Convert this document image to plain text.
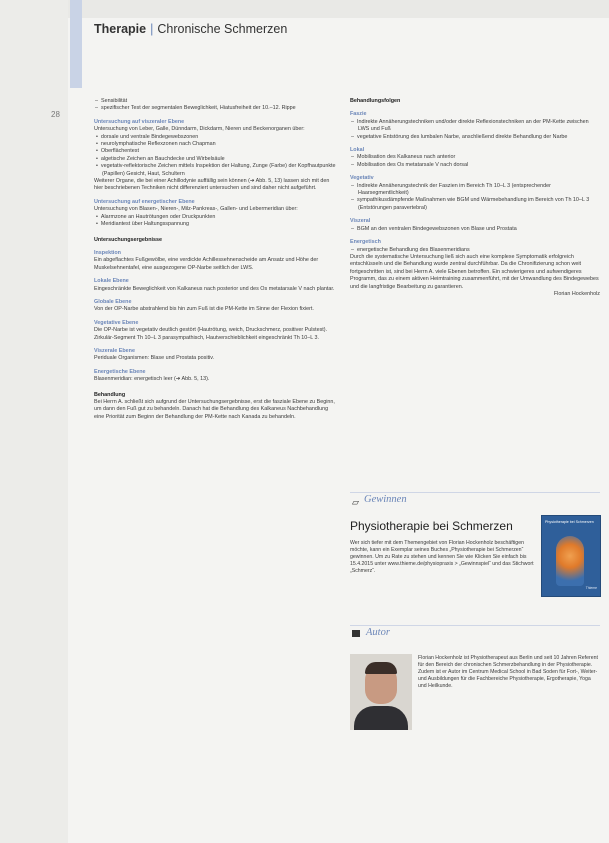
Therapie | Chronische Schmerzen
28
– Sensibilität
– spezifischer Test der segmentalen Beweglichkeit, Hiatusfreiheit der 10.–12. Rippe
Untersuchung auf viszeraler Ebene

Untersuchung von Leber, Galle, Dünndarm, Dickdarm, Nieren und Beckenorganen über:

• dorsale und ventrale Bindegewebszonen
• neurolymphatische Reflexzonen nach Chapman
• Oberflächentest
• algetische Zeichen an Bauchdecke und Wirbelsäule
• vegetativ-reflektorische Zeichen mittels Inspektion der Haltung, Zunge (Farbe) der Kopfhautpunkte (Papillen) Gesicht, Haut, Schultern

Weiterer Organe, die bei einer Achillodynie auffällig sein können (➔ Abb. 5, 13) lassen sich mit den hier beschriebenen Techniken nicht differenziert untersuchen und sind daher nicht aufgeführt.

Untersuchung auf energetischer Ebene

Untersuchung von Blasen-, Nieren-, Milz-Pankreas-, Gallen- und Lebermeridian über:

• Alarmzone an Hautrötungen oder Druckpunkten
• Meridiantest über Haltungsspannung
Untersuchungsergebnisse
Inspektion

Ein abgeflachtes Fußgewölbe, eine verdickte Achillessehnenscheide am Ansatz und Höhe der Muskelsehnentafel, eine ausgezogene OP-Narbe seitlich der LWS.

Lokale Ebene

Eingeschränkte Beweglichkeit von Kalkaneus nach posterior und des Os metatarsale V nach plantar.

Globale Ebene

Von der OP-Narbe abstrahlend bis hin zum Fuß ist die PM-Kette im Sinne der Flexion fixiert.

Vegetative Ebene

Die OP-Narbe ist vegetativ deutlich gestört (Hautrötung, weich, Druckschmerz, positiver Pulstest). Zirkulär-Segment Th 10–L 3 parasympathisch, Hautverschieblichkeit eingeschränkt Th 10–L 3.

Viszerale Ebene

Periduale Organismen: Blase und Prostata positiv.

Energetische Ebene

Blasenmeridian: energetisch leer (➔ Abb. 5, 13).

Behandlung

Bei Herrn A. schließt sich aufgrund der Untersuchungsergebnisse, erst die fasziale Ebene zu Beginn, um dann den Fuß gut zu behandeln. Danach hat die Behandlung des Kalkaneus Nachbehandlung eine Priorität zum Beginn der Behandlung der PM-Kette nach Kanada zu behandeln.

Behandlungsfolgen
Faszie
– Indirekte Annäherungstechniken und/oder direkte Reflexionstechniken an der PM-Kette zwischen LWS und Fuß
– vegetative Entstörung des lumbalen Narbe, anschließend direkte Behandlung der Narbe
Lokal
– Mobilisation des Kalkaneus nach anterior
– Mobilisation des Os metatarsale V nach dorsal
Vegetativ
– Indirekte Annäherungstechnik der Faszien im Bereich Th 10–L 3 (entsprechender Haarsegmentlichkeit)
– sympathikusdämpfende Maßnahmen wie BGM und Wärmebehandlung im Bereich von Th 10–L 3 (Entstörungen paravertebral)
Viszeral
– BGM an den ventralen Bindegewebszonen von Blase und Prostata
Energetisch
– energetische Behandlung des Blasenmeridians

Durch die systematische Untersuchung ließ sich auch eine komplexe Symptomatik erfolgreich entschlüsseln und die Behandlung wurde zentral durchführbar. Da die Chronifizierung schon weit fortgeschritten ist, sind bei Herrn A. viele Ebenen betroffen. Ein schwierigeres und aufwendigeres Programm, das zu einem aktiven Heimtraining zusammenführt, mit der Umwandlung des Bindegewebes und die langfristige Bearbeitung zu garantieren.

Florian Hockenholz
▱ Gewinnen
Physiotherapie bei Schmerzen
Wer sich tiefer mit dem Themengebiet von Florian Hockenholz beschäftigen möchte, kann ein Exemplar seines Buches „Physiotherapie bei Schmerzen“ gewinnen. Um zu Rate zu stehen und kennen Sie wie Klicken Sie einfach bis 15.4.2015 unter www.thieme.de/physiopraxis > „Gewinnspiel“ und das Stichwort „Schmerz“.
Physiotherapie bei Schmerzen
Thieme
Autor
Florian Hockenholz ist Physiotherapeut aus Berlin und seit 10 Jahren Referent für den Bereich der chronischen Schmerzbehandlung in der Physiotherapie. Zudem ist er Autor im Centrum Medical School in Bad Soden für Fort-, Weiter- und Ausbildungen für die Fachbereiche Physiotherapie, Ergotherapie, Yoga und Heilkunde.
